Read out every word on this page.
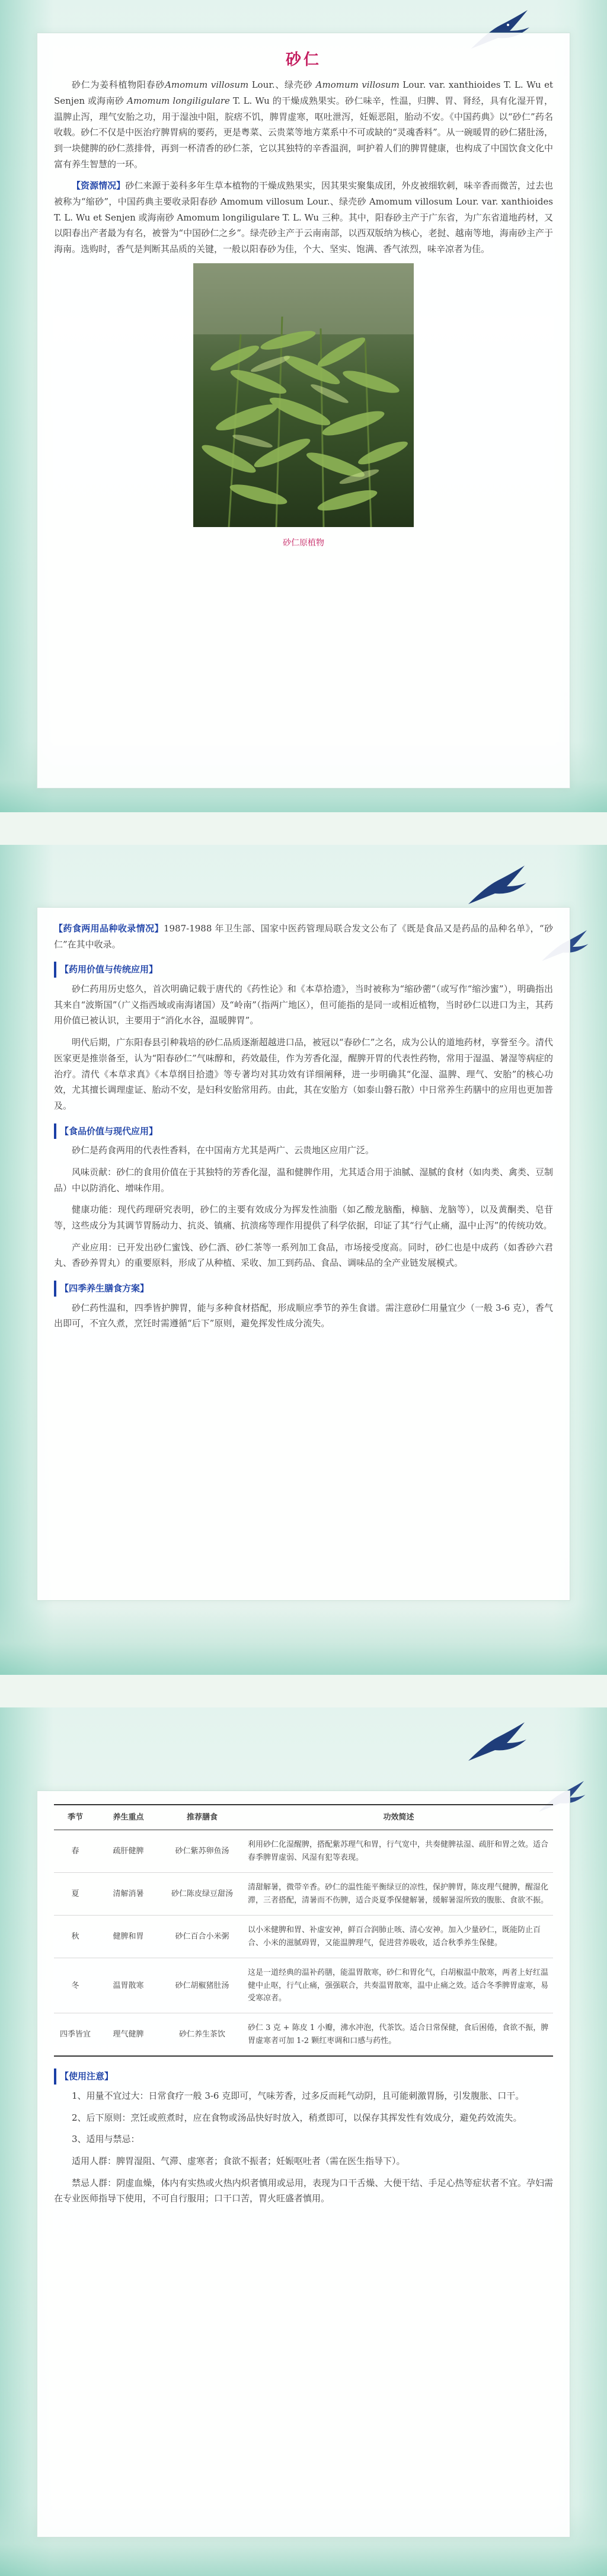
砂仁

砂仁为姜科植物阳春砂Amomum villosum Lour.、绿壳砂 Amomum villosum Lour. var. xanthioides T. L. Wu et Senjen 或海南砂 Amomum longiligulare T. L. Wu 的干燥成熟果实。砂仁味辛，性温，归脾、胃、肾经，具有化湿开胃，温脾止泻，理气安胎之功，用于湿浊中阻，脘痞不饥，脾胃虚寒，呕吐泄泻，妊娠恶阻，胎动不安。《中国药典》以“砂仁”药名收载。砂仁不仅是中医治疗脾胃病的要药，更是粤菜、云贵菜等地方菜系中不可或缺的“灵魂香料”。从一碗暖胃的砂仁猪肚汤，到一块健脾的砂仁蒸排骨，再到一杯清香的砂仁茶，它以其独特的辛香温润，呵护着人们的脾胃健康，也构成了中国饮食文化中富有养生智慧的一环。

【资源情况】砂仁来源于姜科多年生草本植物的干燥成熟果实，因其果实聚集成团，外皮被细软刺，味辛香而微苦，过去也被称为“缩砂”，中国药典主要收录阳春砂 Amomum villosum Lour.、绿壳砂 Amomum villosum Lour. var. xanthioides T. L. Wu et Senjen 或海南砂 Amomum longiligulare T. L. Wu 三种。其中，阳春砂主产于广东省，为广东省道地药材，又以阳春出产者最为有名，被誉为“中国砂仁之乡”。绿壳砂主产于云南南部，以西双版纳为核心，老挝、越南等地，海南砂主产于海南。选购时，香气是判断其品质的关键，一般以阳春砂为佳，个大、坚实、饱满、香气浓烈，味辛凉者为佳。

砂仁原植物

【药食两用品种收录情况】1987-1988 年卫生部、国家中医药管理局联合发文公布了《既是食品又是药品的品种名单》，“砂仁”在其中收录。

【药用价值与传统应用】

砂仁药用历史悠久，首次明确记载于唐代的《药性论》和《本草拾遗》，当时被称为“缩砂蔤”（或写作“缩沙蜜”），明确指出其来自“波斯国”（广义指西域或南海诸国）及“岭南”（指两广地区），但可能指的是同一或相近植物，当时砂仁以进口为主，其药用价值已被认识，主要用于“消化水谷，温暖脾胃”。

明代后期，广东阳春县引种栽培的砂仁品质逐渐超越进口品，被冠以“春砂仁”之名，成为公认的道地药材，享誉至今。清代医家更是推崇备至，认为“阳春砂仁”气味醇和，药效最佳，作为芳香化湿，醒脾开胃的代表性药物，常用于湿温、暑湿等病症的治疗。清代《本草求真》《本草纲目拾遗》等专著均对其功效有详细阐释，进一步明确其“化湿、温脾、理气、安胎”的核心功效，尤其擅长调理虚证、胎动不安，是妇科安胎常用药。由此，其在安胎方（如泰山磐石散）中日常养生药膳中的应用也更加普及。

【食品价值与现代应用】

砂仁是药食两用的代表性香料，在中国南方尤其是两广、云贵地区应用广泛。

风味贡献：砂仁的食用价值在于其独特的芳香化湿，温和健脾作用，尤其适合用于油腻、湿腻的食材（如肉类、禽类、豆制品）中以防消化、增味作用。

健康功能：现代药理研究表明，砂仁的主要有效成分为挥发性油脂（如乙酸龙脑酯，樟脑、龙脑等），以及黄酮类、皂苷等，这些成分为其调节胃肠动力、抗炎、镇痛、抗溃疡等理作用提供了科学依据，印证了其“行气止痛，温中止泻”的传统功效。

产业应用：已开发出砂仁蜜饯、砂仁酒、砂仁茶等一系列加工食品，市场接受度高。同时，砂仁也是中成药（如香砂六君丸、香砂养胃丸）的重要原料，形成了从种植、采收、加工到药品、食品、调味品的全产业链发展模式。

【四季养生膳食方案】

砂仁药性温和，四季皆护脾胃，能与多种食材搭配，形成顺应季节的养生食谱。需注意砂仁用量宜少（一般 3-6 克），香气出即可，不宜久煮，烹饪时需遵循“后下”原则，避免挥发性成分流失。

季节	养生重点	推荐膳食	功效简述
春	疏肝健脾	砂仁紫苏卵鱼汤	利用砂仁化湿醒脾，搭配紫苏理气和胃，行气宽中，共奏健脾祛湿、疏肝和胃之效。适合春季脾胃虚弱、风湿有犯等表现。
夏	清解消暑	砂仁陈皮绿豆甜汤	清甜解暑，微带辛香。砂仁的温性能平衡绿豆的凉性，保护脾胃，陈皮理气健脾，醒湿化滞，三者搭配，清暑而不伤脾，适合炎夏季保健解暑，缓解暑湿所致的腹胀、食欲不振。
秋	健脾和胃	砂仁百合小米粥	以小米健脾和胃、补虚安神，鲜百合润肺止咳、清心安神。加入少量砂仁，既能防止百合、小米的滋腻碍胃，又能温脾理气，促进营养吸收，适合秋季养生保健。
冬	温胃散寒	砂仁胡椒猪肚汤	这是一道经典的温补药膳，能温胃散寒，砂仁和胃化气，白胡椒温中散寒，两者上好红温健中止呕，行气止痛，强强联合，共奏温胃散寒，温中止痛之效。适合冬季脾胃虚寒，易受寒凉者。
四季皆宜	理气健脾	砂仁养生茶饮	砂仁 3 克 + 陈皮 1 小瓣，沸水冲泡，代茶饮。适合日常保健，食后困倦，食欲不振，脾胃虚寒者可加 1-2 颗红枣调和口感与药性。
【使用注意】

1、用量不宜过大：日常食疗一般 3-6 克即可，气味芳香，过多反而耗气动阴，且可能刺激胃肠，引发腹胀、口干。

2、后下原则：烹饪或煎煮时，应在食物或汤品快好时放入，稍煮即可，以保存其挥发性有效成分，避免药效流失。

3、适用与禁忌：

适用人群：脾胃湿阻、气滞、虚寒者；食欲不振者；妊娠呕吐者（需在医生指导下）。

禁忌人群：阴虚血燥，体内有实热或火热内炽者慎用或忌用，表现为口干舌燥、大便干结、手足心热等症状者不宜。孕妇需在专业医师指导下使用，不可自行服用；口干口苦，胃火旺盛者慎用。
